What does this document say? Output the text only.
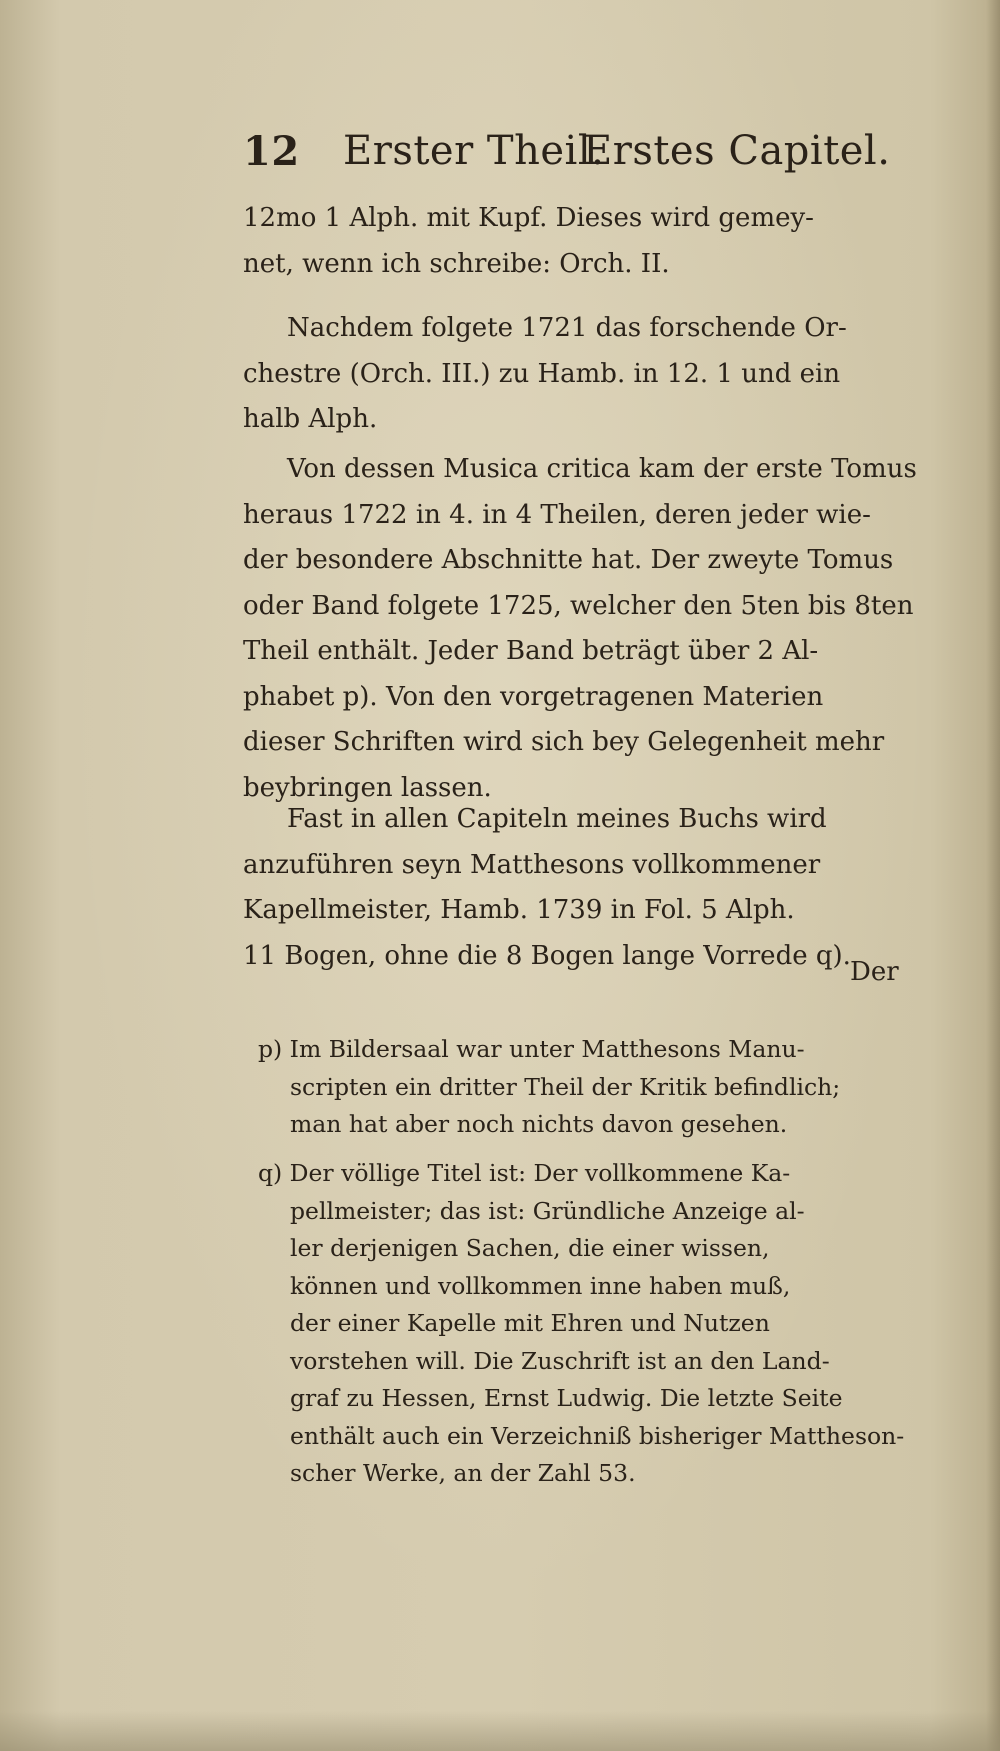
12 Erster Theil.
Erstes Capitel.
12mo 1 Alph. mit Kupf. Dieses wird gemey-
net, wenn ich schreibe: Orch. II.
Nachdem folgete 1721 das forschende Or-
chestre (Orch. III.) zu Hamb. in 12. 1 und ein
halb Alph.
Von dessen Musica critica kam der erste Tomus
heraus 1722 in 4. in 4 Theilen, deren jeder wie-
der besondere Abschnitte hat. Der zweyte Tomus
oder Band folgete 1725, welcher den 5ten bis 8ten
Theil enthält. Jeder Band beträgt über 2 Al-
phabet p). Von den vorgetragenen Materien
dieser Schriften wird sich bey Gelegenheit mehr
beybringen lassen.
Fast in allen Capiteln meines Buchs wird
anzuführen seyn Matthesons vollkommener
Kapellmeister, Hamb. 1739 in Fol. 5 Alph.
11 Bogen, ohne die 8 Bogen lange Vorrede q).
Der
p) Im Bildersaal war unter Matthesons Manu-
scripten ein dritter Theil der Kritik befindlich;
man hat aber noch nichts davon gesehen.
q) Der völlige Titel ist: Der vollkommene Ka-
pellmeister; das ist: Gründliche Anzeige al-
ler derjenigen Sachen, die einer wissen,
können und vollkommen inne haben muß,
der einer Kapelle mit Ehren und Nutzen
vorstehen will. Die Zuschrift ist an den Land-
graf zu Hessen, Ernst Ludwig. Die letzte Seite
enthält auch ein Verzeichniß bisheriger Mattheson-
scher Werke, an der Zahl 53.
